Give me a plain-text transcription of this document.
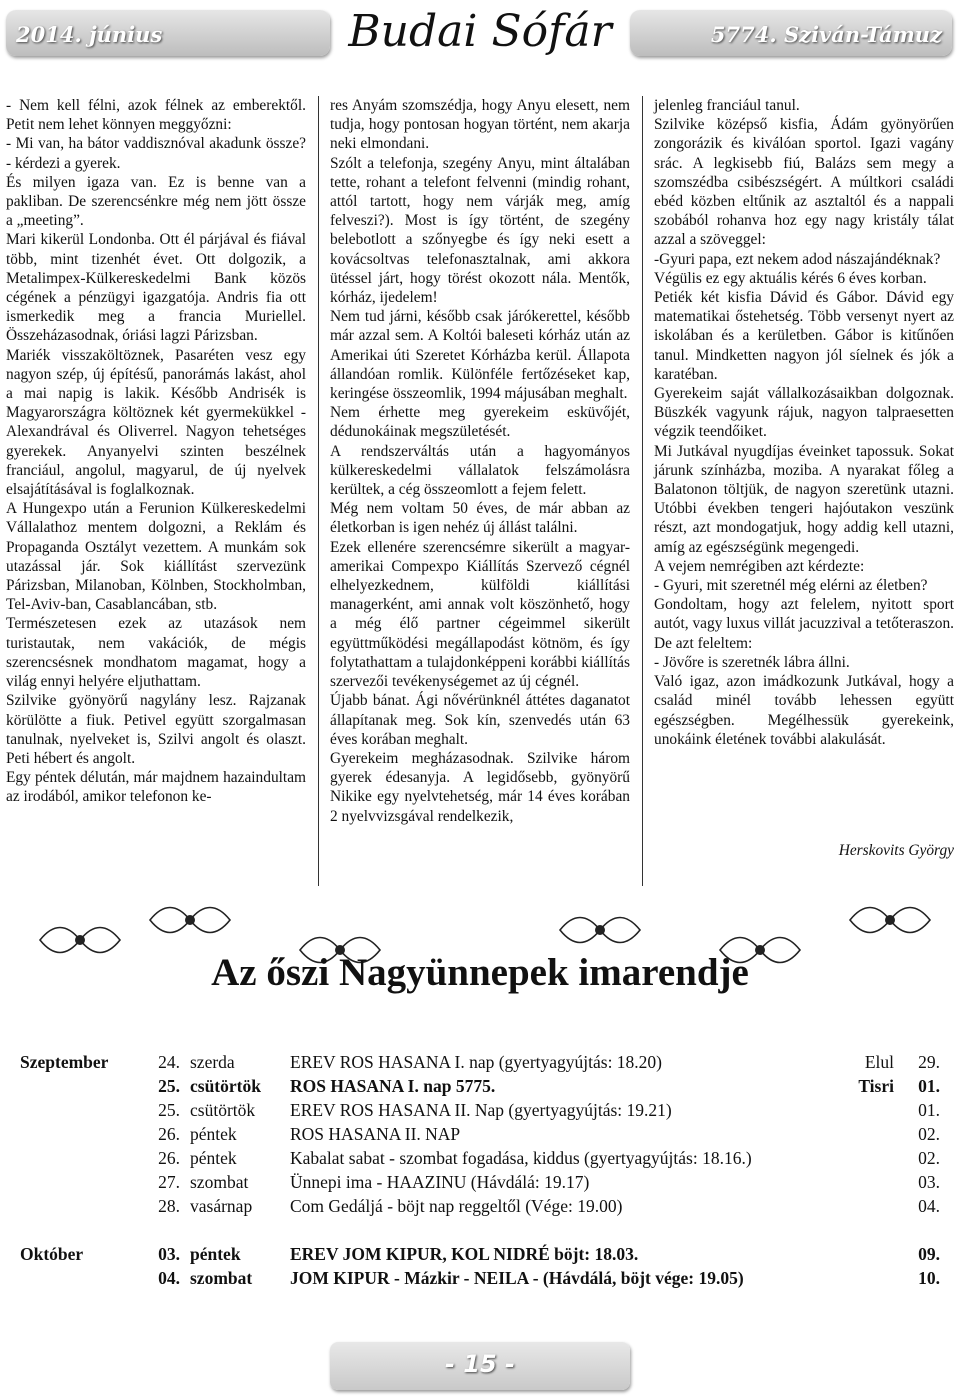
2014. június	Budai Sófár	5774. Sziván-Támuz

- Nem kell félni, azok félnek az emberektől. Petit nem lehet könnyen meggyőzni:

- Mi van, ha bátor vaddisznóval akadunk össze? - kérdezi a gyerek.

És milyen igaza van. Ez is benne van a pakliban. De szerencsénkre még nem jött össze a „meeting”.

Mari kikerül Londonba. Ott él párjával és fiával több, mint tizenhét évet. Ott dolgozik, a Metalimpex-Külkereskedelmi Bank közös cégének a pénzügyi igazgatója. Andris fia ott ismerkedik meg a francia Muriellel. Összeházasodnak, óriási lagzi Párizsban.

Mariék visszaköltöznek, Pasaréten vesz egy nagyon szép, új építésű, panorámás lakást, ahol a mai napig is lakik. Később Andrisék is Magyarországra költöznek két gyermekükkel - Alexandrával és Oliverrel. Nagyon tehetséges gyerekek. Anyanyelvi szinten beszélnek franciául, angolul, magyarul, de új nyelvek elsajátításával is foglalkoznak.

A Hungexpo után a Ferunion Külkereskedelmi Vállalathoz mentem dolgozni, a Reklám és Propaganda Osztályt vezettem. A munkám sok utazással jár. Sok kiállítást szervezünk Párizsban, Milanoban, Kölnben, Stockholmban, Tel-Aviv-ban, Casablancában, stb.

Természetesen ezek az utazások nem turistautak, nem vakációk, de mégis szerencsésnek mondhatom magamat, hogy a világ ennyi helyére eljuthattam.

Szilvike gyönyörű nagylány lesz. Rajzanak körülötte a fiuk. Petivel együtt szorgalmasan tanulnak, nyelveket is, Szilvi angolt és olaszt. Peti hébert és angolt.

Egy péntek délután, már majdnem hazaindultam az irodából, amikor telefonon ke-

res Anyám szomszédja, hogy Anyu elesett, nem tudja, hogy pontosan hogyan történt, nem akarja neki elmondani.

Szólt a telefonja, szegény Anyu, mint általában tette, rohant a telefont felvenni (mindig rohant, attól tartott, hogy nem várják meg, amíg felveszi?). Most is így történt, de szegény belebotlott a szőnyegbe és így neki esett a kovácsoltvas telefonasztalnak, ami akkora ütéssel járt, hogy törést okozott nála. Mentők, kórház, ijedelem!

Nem tud járni, később csak járókerettel, később már azzal sem. A Koltói baleseti kórház után az Amerikai úti Szeretet Kórházba kerül. Állapota állandóan romlik. Különféle fertőzéseket kap, keringése összeomlik, 1994 májusában meghalt.

Nem érhette meg gyerekeim esküvőjét, dédunokáinak megszületését.

A rendszerváltás után a hagyományos külkereskedelmi vállalatok felszámolásra kerültek, a cég összeomlott a fejem felett.

Még nem voltam 50 éves, de már abban az életkorban is igen nehéz új állást találni.

Ezek ellenére szerencsémre sikerült a magyar-amerikai Compexpo Kiállítás Szervező cégnél elhelyezkednem, külföldi kiállítási managerként, ami annak volt köszönhető, hogy a még élő partner cégeimmel sikerült együttműködési megállapodást kötnöm, és így folytathattam a tulajdonképpeni korábbi kiállítás szervezői tevékenységemet az új cégnél.

Újabb bánat. Ági nővérünknél áttétes daganatot állapítanak meg. Sok kín, szenvedés után 63 éves korában meghalt.

Gyerekeim megházasodnak. Szilvike három gyerek édesanyja. A legidősebb, gyönyörű Nikike egy nyelvtehetség, már 14 éves korában 2 nyelvvizsgával rendelkezik,

jelenleg franciául tanul.

Szilvike középső kisfia, Ádám gyönyörűen zongorázik és kiválóan sportol. Igazi vagány srác. A legkisebb fiú, Balázs sem megy a szomszédba csibészségért. A múltkori családi ebéd közben eltűnik az asztaltól és a nappali szobából rohanva hoz egy nagy kristály tálat azzal a szöveggel:

-Gyuri papa, ezt nekem adod nászajándéknak?

Végülis ez egy aktuális kérés 6 éves korban.

Petiék két kisfia Dávid és Gábor. Dávid egy matematikai őstehetség. Több versenyt nyert az iskolában és a kerületben. Gábor is kitűnően tanul. Mindketten nagyon jól síelnek és jók a karatéban.

Gyerekeim saját vállalkozásaikban dolgoznak. Büszkék vagyunk rájuk, nagyon talpraesetten végzik teendőiket.

Mi Jutkával nyugdíjas éveinket tapossuk. Sokat járunk színházba, moziba. A nyarakat főleg a Balatonon töltjük, de nagyon szeretünk utazni. Utóbbi években tengeri hajóutakon veszünk részt, azt mondogatjuk, hogy addig kell utazni, amíg az egészségünk megengedi.

A vejem nemrégiben azt kérdezte:

- Gyuri, mit szeretnél még elérni az életben?

Gondoltam, hogy azt felelem, nyitott sport autót, vagy luxus villát jacuzzival a tetőteraszon. De azt feleltem:

- Jövőre is szeretnék lábra állni.

Való igaz, azon imádkozunk Jutkával, hogy a család minél tovább lehessen együtt egészségben. Megélhessük gyerekeink, unokáink életének további alakulását.

Herskovits György
Az őszi Nagyünnepek imarendje
Szeptember	24.	szerda	EREV ROS HASANA I. nap (gyertyagyújtás: 18.20)	Elul	29.
	25.	csütörtök	ROS HASANA I. nap 5775.	Tisri	01.
	25.	csütörtök	EREV ROS HASANA II. Nap (gyertyagyújtás: 19.21)		01.
	26.	péntek	ROS HASANA II. NAP		02.
	26.	péntek	Kabalat sabat - szombat fogadása, kiddus (gyertyagyújtás: 18.16.)		02.
	27.	szombat	Ünnepi ima - HAAZINU (Hávdálá: 19.17)		03.
	28.	vasárnap	Com Gedáljá - böjt nap reggeltől (Vége: 19.00)		04.

Október	03.	péntek	EREV JOM KIPUR, KOL NIDRÉ böjt: 18.03.		09.
	04.	szombat	JOM KIPUR - Mázkir - NEILA - (Hávdálá, böjt vége: 19.05)		10.
- 15 -
